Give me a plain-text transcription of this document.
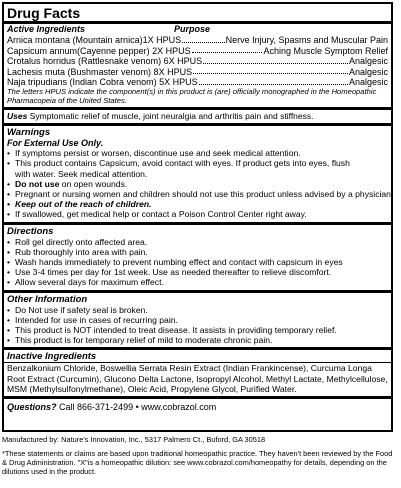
Drug Facts
Active Ingredients	Purpose
Arnica montana (Mountain arnica)1X HPUS	Nerve Injury, Spasms and Muscular Pain
Capsicum annum(Cayenne pepper) 2X HPUS	Aching Muscle Symptom Relief
Crotalus horridus (Rattlesnake venom) 6X HPUS	Analgesic
Lachesis muta (Bushmaster venom) 8X HPUS	Analgesic
Naja tripudians (Indian Cobra venom) 5X HPUS	Analgesic
The letters HPUS indicate the component(s) in this product is (are) officially monographed in the Homeopathic Pharmacopeia of the United States.
Uses Symptomatic relief of muscle, joint neuralgia and arthritis pain and stiffness.
Warnings
For External Use Only.
• If symptoms persist or worsen, discontinue use and seek medical attention.
• This product contains Capsicum, avoid contact with eyes. If product gets into eyes, flush
with water. Seek medical attention.
• Do not use on open wounds.
• Pregnant or nursing women and children should not use this product unless advised by a physician.
• Keep out of the reach of children.
• If swallowed, get medical help or contact a Poison Control Center right away.
Directions
• Roll gel directly onto affected area.
• Rub thoroughly into area with pain.
• Wash hands immediately to prevent numbing effect and contact with capsicum in eyes
• Use 3-4 times per day for 1st week. Use as needed thereafter to relieve discomfort.
• Allow several days for maximum effect.
Other Information
• Do Not use if safety seal is broken.
• Intended for use in cases of recurring pain.
• This product is NOT intended to treat disease. It assists in providing temporary relief.
• This product is for temporary relief of mild to moderate chronic pain.
Inactive Ingredients
Benzalkonium Chloride, Boswellia Serrata Resin Extract (Indian Frankincense), Curcuma Longa Root Extract (Curcumin), Glucono Delta Lactone, Isopropyl Alcohol, Methyl Lactate, Methylcellulose, MSM (Methylsulfonylmethane), Oleic Acid, Propylene Glycol, Purified Water.
Questions? Call 866-371-2499 • www.cobrazol.com
Manufactured by: Nature's Innovation, Inc., 5317 Palmero Ct., Buford, GA 30518
*These statements or claims are based upon traditional homeopathic practice. They haven't been reviewed by the Food & Drug Administration. "X"is a homeopathic dilution: see www.cobrazol.com/homeopathy for details, depending on the dilutions used in the product.
